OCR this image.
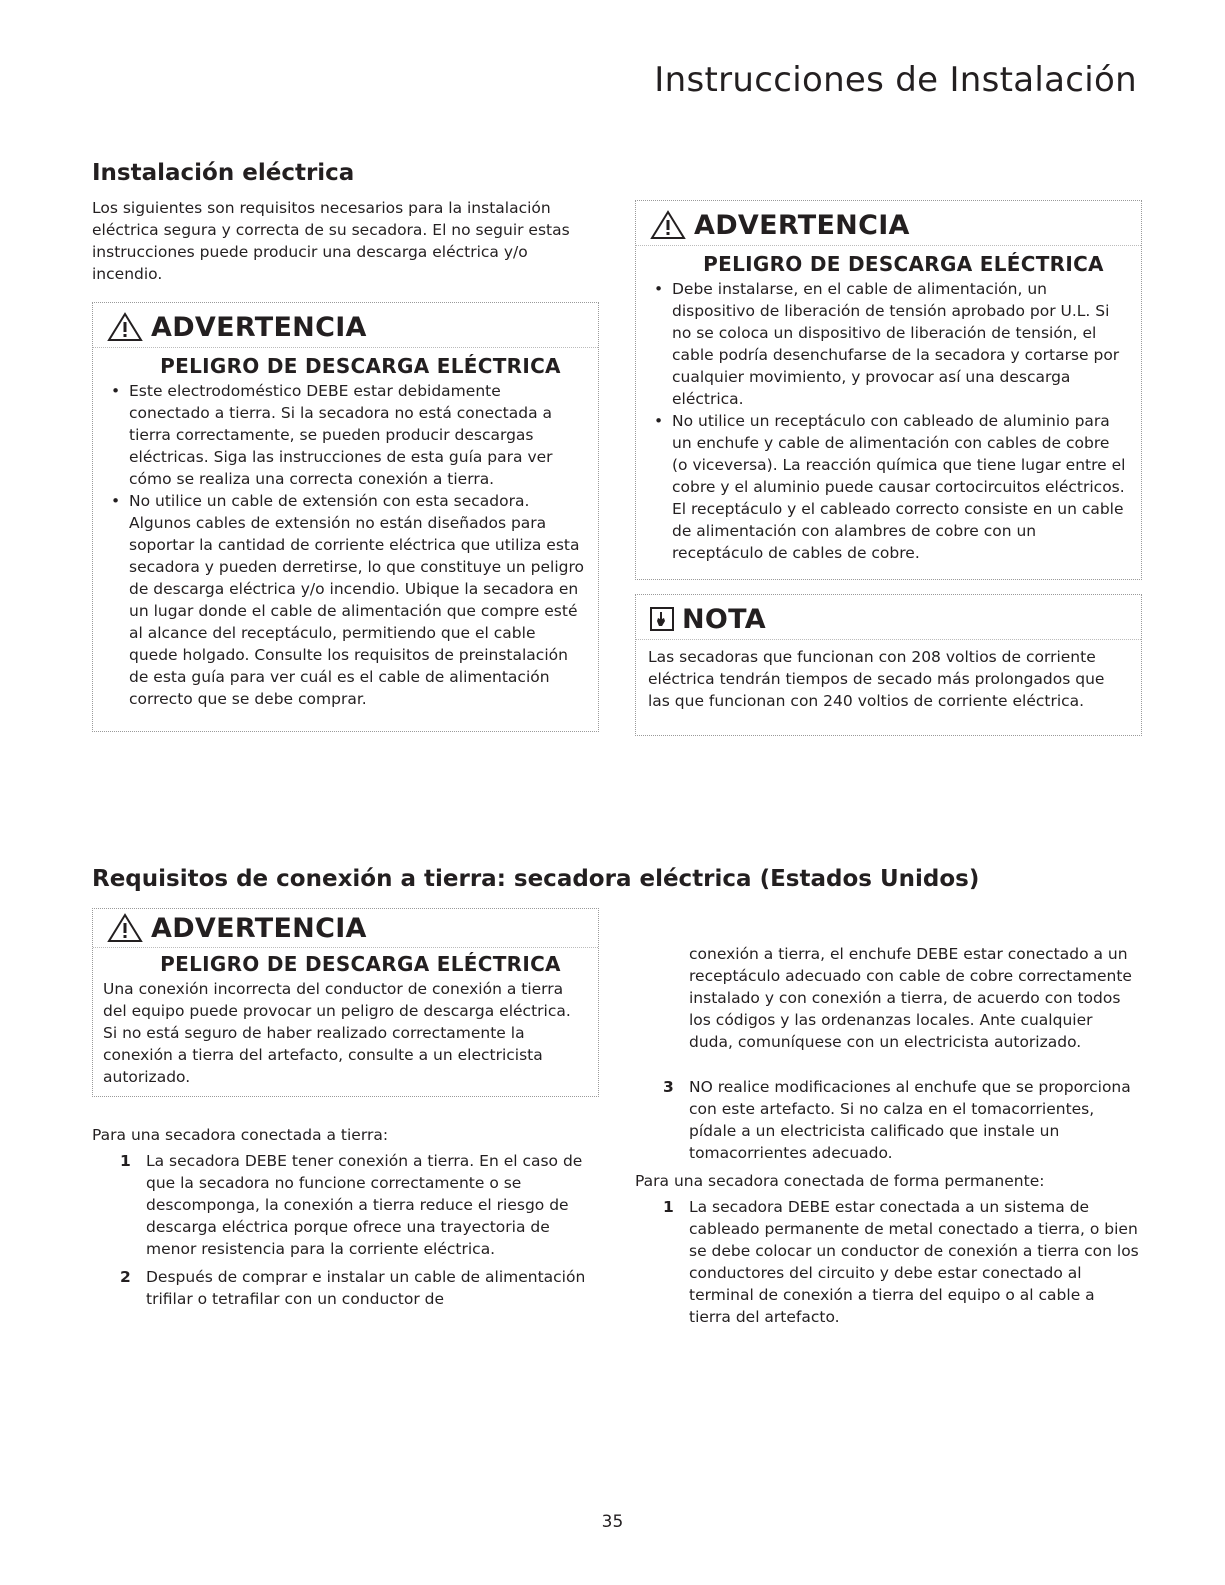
Instrucciones de Instalación
Instalación eléctrica

Los siguientes son requisitos necesarios para la instalación eléctrica segura y correcta de su secadora. El no seguir estas instrucciones puede producir una descarga eléctrica y/o incendio.

ADVERTENCIA
PELIGRO DE DESCARGA ELÉCTRICA
• Este electrodoméstico DEBE estar debidamente conectado a tierra. Si la secadora no está conectada a tierra correctamente, se pueden producir descargas eléctricas. Siga las instrucciones de esta guía para ver cómo se realiza una correcta conexión a tierra.
• No utilice un cable de extensión con esta secadora. Algunos cables de extensión no están diseñados para soportar la cantidad de corriente eléctrica que utiliza esta secadora y pueden derretirse, lo que constituye un peligro de descarga eléctrica y/o incendio. Ubique la secadora en un lugar donde el cable de alimentación que compre esté al alcance del receptáculo, permitiendo que el cable quede holgado. Consulte los requisitos de preinstalación de esta guía para ver cuál es el cable de alimentación correcto que se debe comprar.
ADVERTENCIA
PELIGRO DE DESCARGA ELÉCTRICA
• Debe instalarse, en el cable de alimentación, un dispositivo de liberación de tensión aprobado por U.L. Si no se coloca un dispositivo de liberación de tensión, el cable podría desenchufarse de la secadora y cortarse por cualquier movimiento, y provocar así una descarga eléctrica.
• No utilice un receptáculo con cableado de aluminio para un enchufe y cable de alimentación con cables de cobre (o viceversa). La reacción química que tiene lugar entre el cobre y el aluminio puede causar cortocircuitos eléctricos. El receptáculo y el cableado correcto consiste en un cable de alimentación con alambres de cobre con un receptáculo de cables de cobre.
NOTA

Las secadoras que funcionan con 208 voltios de corriente eléctrica tendrán tiempos de secado más prolongados que las que funcionan con 240 voltios de corriente eléctrica.

Requisitos de conexión a tierra: secadora eléctrica (Estados Unidos)
ADVERTENCIA
PELIGRO DE DESCARGA ELÉCTRICA

Una conexión incorrecta del conductor de conexión a tierra del equipo puede provocar un peligro de descarga eléctrica. Si no está seguro de haber realizado correctamente la conexión a tierra del artefacto, consulte a un electricista autorizado.

Para una secadora conectada a tierra:

1 La secadora DEBE tener conexión a tierra. En el caso de que la secadora no funcione correctamente o se descomponga, la conexión a tierra reduce el riesgo de descarga eléctrica porque ofrece una trayectoria de menor resistencia para la corriente eléctrica.
2 Después de comprar e instalar un cable de alimentación trifilar o tetrafilar con un conductor de

conexión a tierra, el enchufe DEBE estar conectado a un receptáculo adecuado con cable de cobre correctamente instalado y con conexión a tierra, de acuerdo con todos los códigos y las ordenanzas locales. Ante cualquier duda, comuníquese con un electricista autorizado.

3 NO realice modificaciones al enchufe que se proporciona con este artefacto. Si no calza en el tomacorrientes, pídale a un electricista calificado que instale un tomacorrientes adecuado.

Para una secadora conectada de forma permanente:

1 La secadora DEBE estar conectada a un sistema de cableado permanente de metal conectado a tierra, o bien se debe colocar un conductor de conexión a tierra con los conductores del circuito y debe estar conectado al terminal de conexión a tierra del equipo o al cable a tierra del artefacto.

35
